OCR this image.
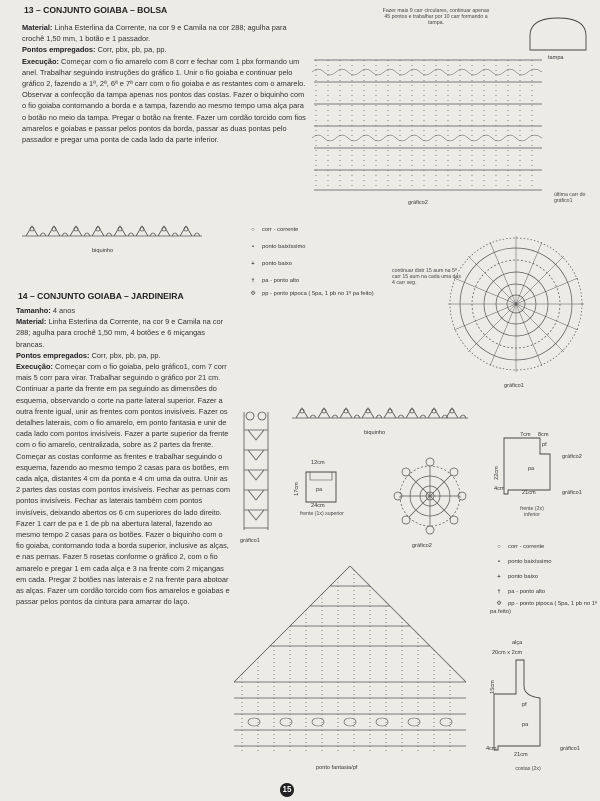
13 – CONJUNTO GOIABA – BOLSA
Material: Linha Esterlina da Corrente, na cor 9 e Camila na cor 288; agulha para crochê 1,50 mm, 1 botão e 1 passador.
Pontos empregados: Corr, pbx, pb, pa, pp.
Execução: Começar com o fio amarelo com 8 corr e fechar com 1 pbx formando um anel. Trabalhar seguindo instruções do gráfico 1. Unir o fio goiaba e continuar pelo gráfico 2, fazendo a 1ª, 2ª, 6ª e 7ª carr com o fio goiaba e as restantes com o amarelo. Observar a confecção da tampa apenas nos pontos das costas. Fazer o biquinho com o fio goiaba contornando a borda e a tampa, fazendo ao mesmo tempo uma alça para o botão no meio da tampa. Pregar o botão na frente. Fazer um cordão torcido com fios amarelos e goiabas e passar pelos pontos da borda, passar as duas pontas pelo passador e pregar uma ponta de cada lado da parte inferior.
biquinho
Fazer mais 9 carr circulares, continuar apenas 45 pontos e trabalhar por 10 carr formando a tampa.
tampa
gráfico2
última carr do gráfico1
○ corr - corrente
• ponto baixíssimo
+ ponto baixo
† pa - ponto alto
⟐ pp - ponto pipoca ( 5pa, 1 pb no 1º pa feito)
continuar distr 15 aum na 5ª carr 15 aum na cada uma das 4 carr seg.
gráfico1
14 – CONJUNTO GOIABA – JARDINEIRA
Tamanho: 4 anos
Material: Linha Esterlina da Corrente, na cor 9 e Camila na cor 288; agulha para crochê 1,50 mm, 4 botões e 6 miçangas brancas.
Pontos empregados: Corr, pbx, pb, pa, pp.
Execução: Começar com o fio goiaba, pelo gráfico1, com 7 corr mais 5 corr para virar. Trabalhar seguindo o gráfico por 21 cm. Continuar a parte da frente em pa seguindo as dimensões do esquema, observando o corte na parte lateral superior. Fazer a outra frente igual, unir as frentes com pontos invisíveis. Fazer os detalhes laterais, com o fio amarelo, em ponto fantasia e unir de cada lado com pontos invisíveis. Fazer a parte superior da frente com o fio amarelo, centralizada, sobre as 2 partes da frente. Começar as costas conforme as frentes e trabalhar seguindo o esquema, fazendo ao mesmo tempo 2 casas para os botões, em cada alça, distantes 4 cm da ponta e 4 cm uma da outra. Unir as 2 partes das costas com pontos invisíveis. Fechar as pernas com pontos invisíveis. Fechar as laterais também com pontos invisíveis, deixando abertos os 6 cm superiores do lado direito. Fazer 1 carr de pa e 1 de pb na abertura lateral, fazendo ao mesmo tempo 2 casas para os botões. Fazer o biquinho com o fio goiaba, contornando toda a borda superior, inclusive as alças, e nas pernas. Fazer 5 rosetas conforme o gráfico 2, com o fio amarelo e pregar 1 em cada alça e 3 na frente com 2 miçangas em cada. Pregar 2 botões nas laterais e 2 na frente para abotoar as alças. Fazer um cordão torcido com fios amarelos e goiabas e passar pelos pontos da cintura para amarrar do laço.
gráfico1
biquinho
12cm
17cm	pa
24cm
frente (1x) superior
gráfico2
7cm 8cm
pf
pa
22cm
4cm
21cm
gráfico2
gráfico1
frente (2x) inferior
○ corr - corrente
• ponto baixíssimo
+ ponto baixo
† pa - ponto alto
⟐ pp - ponto pipoca ( 5pa, 1 pb no 1º pa feito)
ponto fantasia/pf
alça
20cm x 2cm
15cm
pf
pa
4cm
21cm
gráfico1
costas (2x)
15
